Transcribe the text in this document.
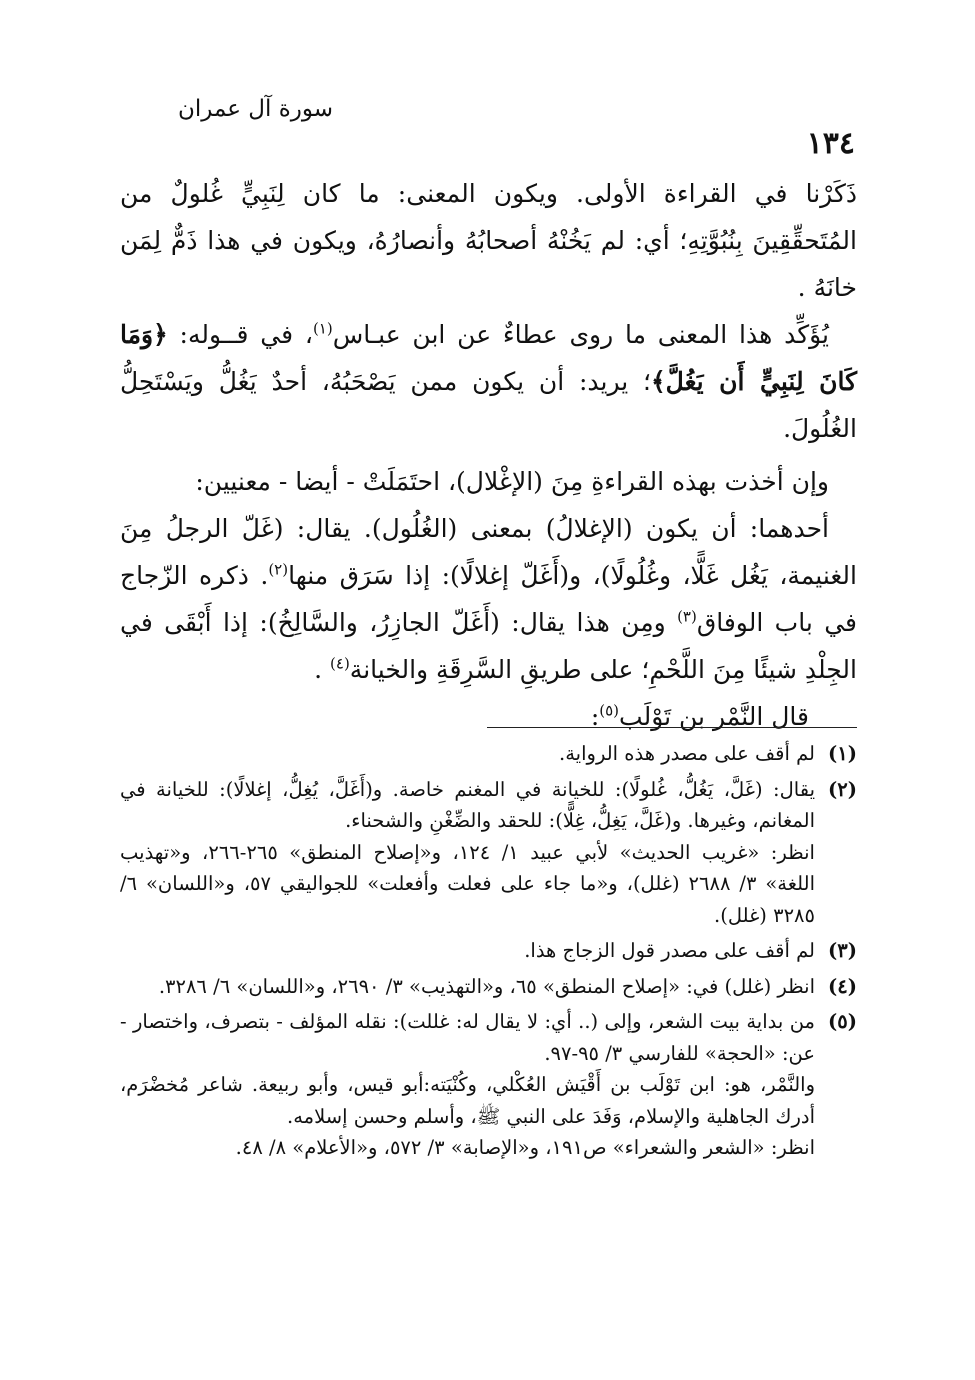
سورة آل عمران
١٣٤

ذَكَرْنا في القراءة الأولى. ويكون المعنى: ما كان لِنَبِيٍّ غُلولٌ من المُتَحقِّقِينَ بِنُبُوَّتِهِ؛ أي: لم يَخُنْهُ أصحابُهُ وأنصارُهُ، ويكون في هذا ذَمٌّ لِمَن خانَهُ .

يُؤَكِّد هذا المعنى ما روى عطاءٌ عن ابن عبـاس$^{(١)}$، في قــوله: ﴿وَمَا كَانَ لِنَبِيٍّ أَن يَغُلَّ﴾؛ يريد: أن يكون ممن يَصْحَبُهُ، أحدٌ يَغُلُّ ويَسْتَحِلُّ الغُلُولَ.

وإن أخذت بهذه القراءةِ مِنَ (الإغْلال)، احتَمَلَتْ - أيضا - معنيين:

أحدهما: أن يكون (الإغلالُ) بمعنى (الغُلُول). يقال: (غَلّ الرجلُ مِنَ الغنيمة، يَغُل غَلًّا، وغُلُولًا)، و(أَغَلّ إغلالًا): إذا سَرَق منها$^{(٢)}$. ذكره الزّجاج في باب الوفاق$^{(٣)}$ ومِن هذا يقال: (أَغَلّ الجازِرُ، والسَّالِخُ): إذا أَبْقَى في الجِلْدِ شيئًا مِنَ اللَّحْمِ؛ على طريقِ السَّرِقَةِ والخيانة$^{(٤)}$ .

قال النَّمْر بن تَوْلَب$^{(٥)}$:

(١)
لم أقف على مصدر هذه الرواية.
(٢)
يقال: (غَلَّ، يَغُلُّ، غُلولًا): للخيانة في المغنم خاصة. و(أَغَلَّ، يُغِلُّ، إغلالًا): للخيانة في المغانم، وغيرها. و(غَلَّ، يَغِلُّ، غِلًّا): للحقد والضِّغْنِ والشحناء.
انظر: «غريب الحديث» لأبي عبيد ١/ ١٢٤، و«إصلاح المنطق» ٢٦٥-٢٦٦، و«تهذيب اللغة» ٣/ ٢٦٨٨ (غلل)، و«ما جاء على فعلت وأفعلت» للجواليقي ٥٧، و«اللسان» ٦/ ٣٢٨٥ (غلل).
(٣)
لم أقف على مصدر قول الزجاج هذا.
(٤)
انظر (غلل) في: «إصلاح المنطق» ٦٥، و«التهذيب» ٣/ ٢٦٩٠، و«اللسان» ٦/ ٣٢٨٦.
(٥)
من بداية بيت الشعر، وإلى (.. أي: لا يقال له: غللت): نقله المؤلف - بتصرف، واختصار - عن: «الحجة» للفارسي ٣/ ٩٥-٩٧.
والنَّمْر، هو: ابن تَوْلَب بن أَقْيَش العُكْلي، وكُنْيَته:أبو قيس، وأبو ربيعة. شاعر مُخضْرَم، أدرك الجاهلية والإسلام، وَفَدَ على النبي ﷺ، وأسلم وحسن إسلامه.
انظر: «الشعر والشعراء» ص١٩١، و«الإصابة» ٣/ ٥٧٢، و«الأعلام» ٨/ ٤٨.
